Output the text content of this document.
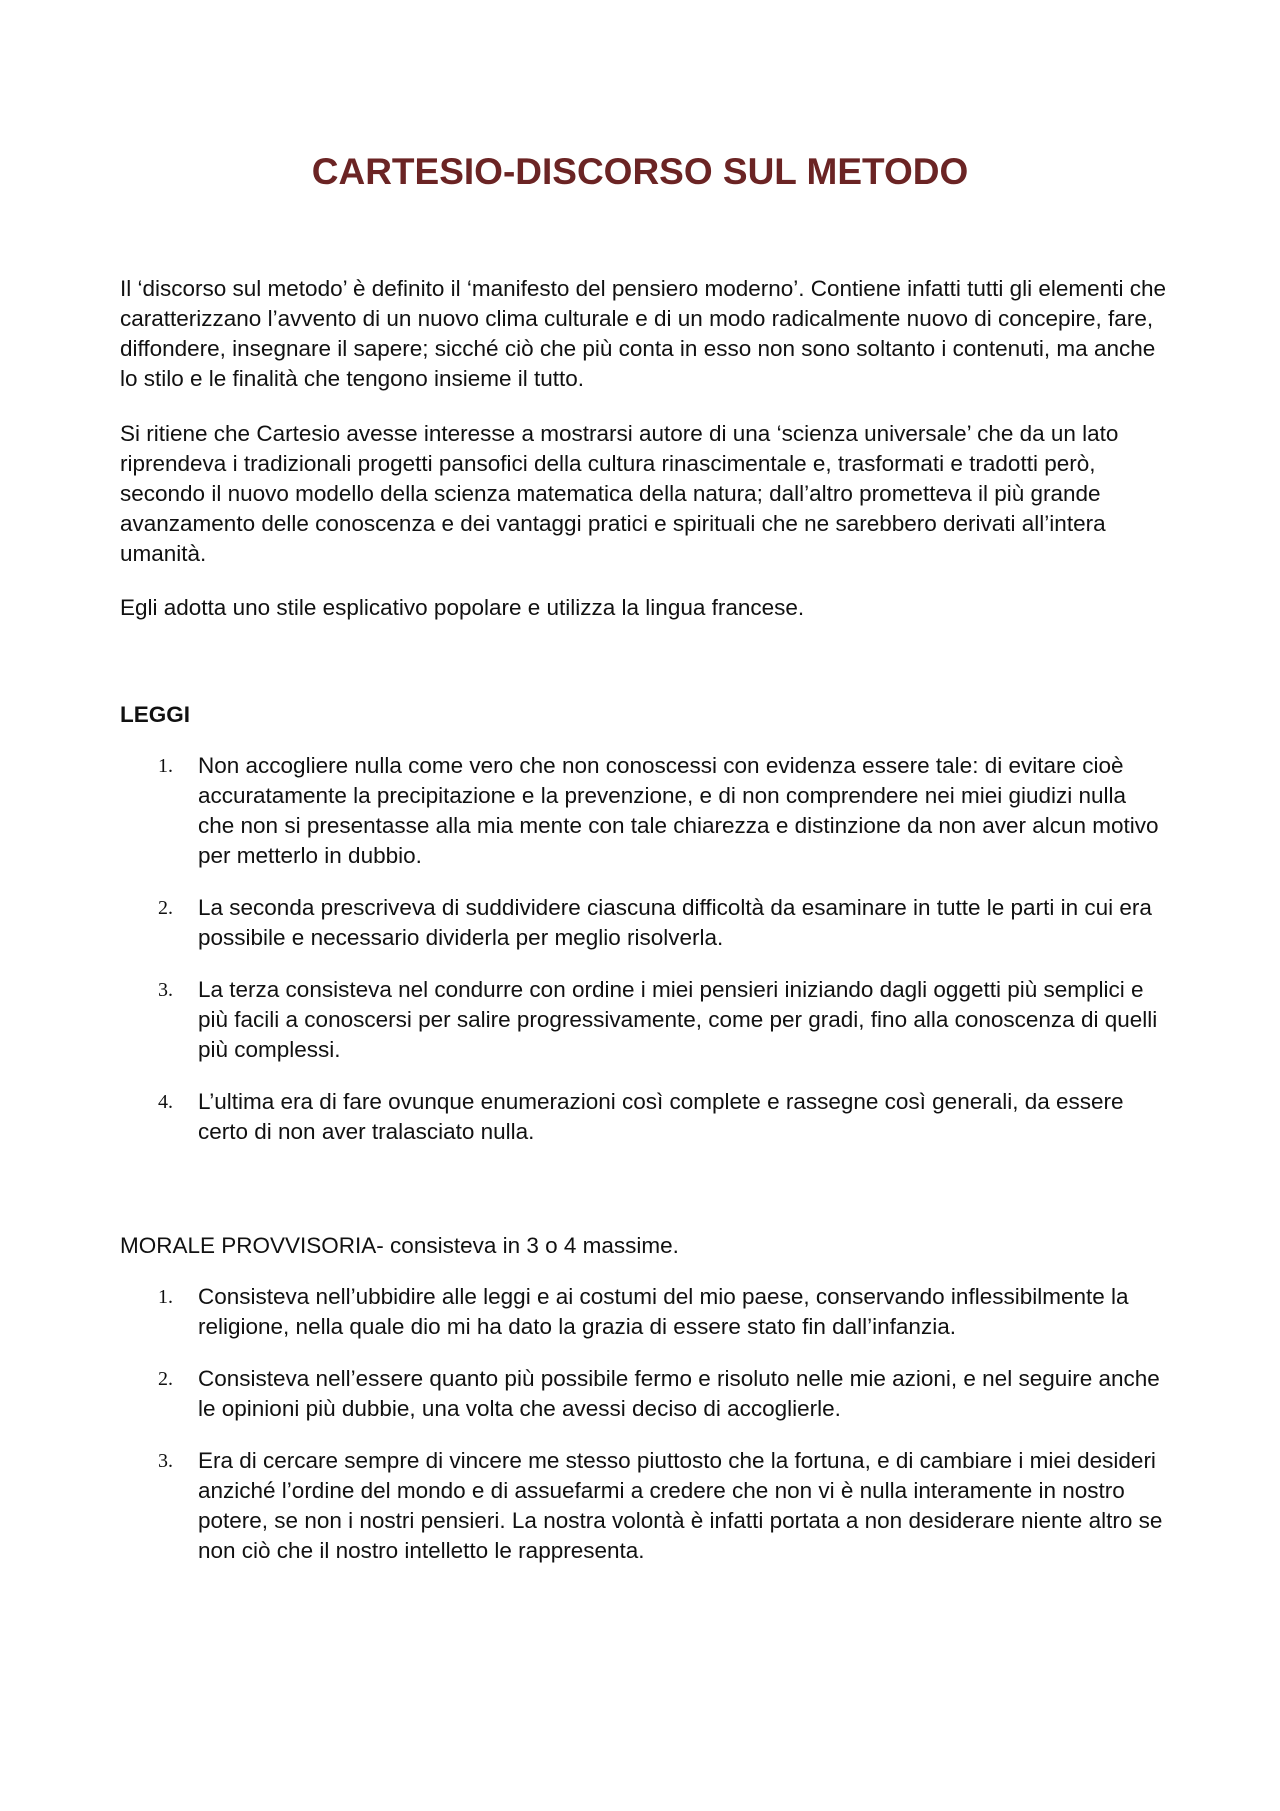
CARTESIO-DISCORSO SUL METODO

Il ‘discorso sul metodo’ è definito il ‘manifesto del pensiero moderno’. Contiene infatti tutti gli elementi che caratterizzano l’avvento di un nuovo clima culturale e di un modo radicalmente nuovo di concepire, fare, diffondere, insegnare il sapere; sicché ciò che più conta in esso non sono soltanto i contenuti, ma anche lo stilo e le finalità che tengono insieme il tutto.

Si ritiene che Cartesio avesse interesse a mostrarsi autore di una ‘scienza universale’ che da un lato riprendeva i tradizionali progetti pansofici della cultura rinascimentale e, trasformati e tradotti però, secondo il nuovo modello della scienza matematica della natura; dall’altro prometteva il più grande avanzamento delle conoscenza e dei vantaggi pratici e spirituali che ne sarebbero derivati all’intera umanità.

Egli adotta uno stile esplicativo popolare e utilizza la lingua francese.

LEGGI

1. Non accogliere nulla come vero che non conoscessi con evidenza essere tale: di evitare cioè accuratamente la precipitazione e la prevenzione, e di non comprendere nei miei giudizi nulla che non si presentasse alla mia mente con tale chiarezza e distinzione da non aver alcun motivo per metterlo in dubbio.
2. La seconda prescriveva di suddividere ciascuna difficoltà da esaminare in tutte le parti in cui era possibile e necessario dividerla per meglio risolverla.
3. La terza consisteva nel condurre con ordine i miei pensieri iniziando dagli oggetti più semplici e più facili a conoscersi per salire progressivamente, come per gradi, fino alla conoscenza di quelli più complessi.
4. L’ultima era di fare ovunque enumerazioni così complete e rassegne così generali, da essere certo di non aver tralasciato nulla.

MORALE PROVVISORIA- consisteva in 3 o 4 massime.

1. Consisteva nell’ubbidire alle leggi e ai costumi del mio paese, conservando inflessibilmente la religione, nella quale dio mi ha dato la grazia di essere stato fin dall’infanzia.
2. Consisteva nell’essere quanto più possibile fermo e risoluto nelle mie azioni, e nel seguire anche le opinioni più dubbie, una volta che avessi deciso di accoglierle.
3. Era di cercare sempre di vincere me stesso piuttosto che la fortuna, e di cambiare i miei desideri anziché l’ordine del mondo e di assuefarmi a credere che non vi è nulla interamente in nostro potere, se non i nostri pensieri. La nostra volontà è infatti portata a non desiderare niente altro se non ciò che il nostro intelletto le rappresenta.
